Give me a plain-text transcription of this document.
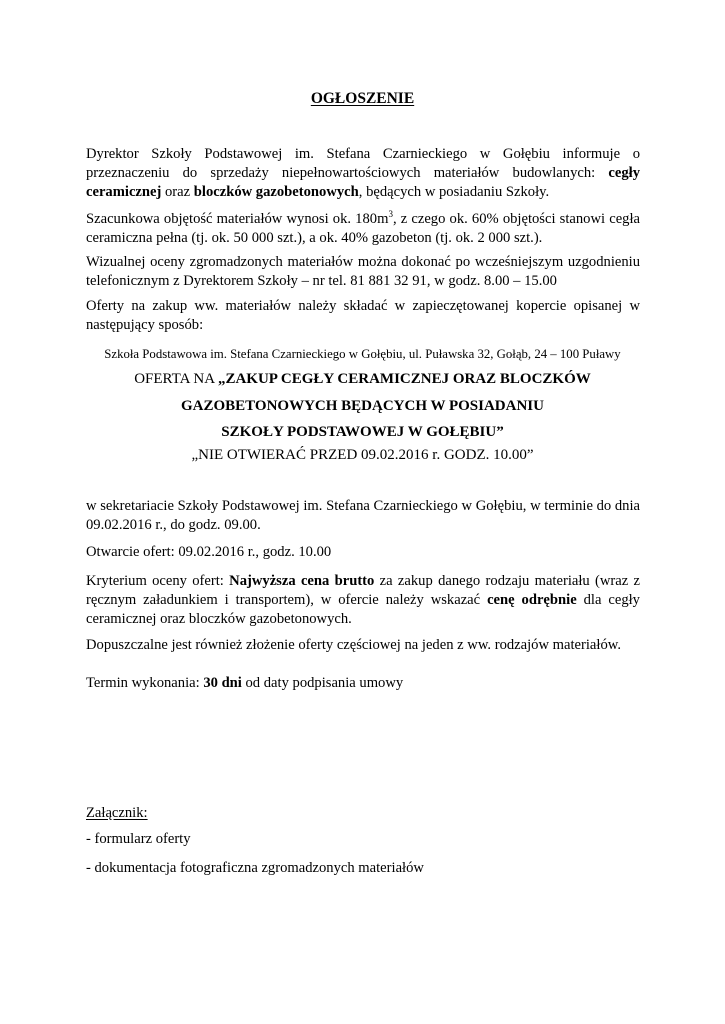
OGŁOSZENIE

Dyrektor Szkoły Podstawowej im. Stefana Czarnieckiego w Gołębiu informuje o przeznaczeniu do sprzedaży niepełnowartościowych materiałów budowlanych: cegły ceramicznej oraz bloczków gazobetonowych, będących w posiadaniu Szkoły.

Szacunkowa objętość materiałów wynosi ok. $180m^3$, z czego ok. 60% objętości stanowi cegła ceramiczna pełna (tj. ok. 50 000 szt.), a ok. 40% gazobeton (tj. ok. 2 000 szt.).

Wizualnej oceny zgromadzonych materiałów można dokonać po wcześniejszym uzgodnieniu telefonicznym z Dyrektorem Szkoły – nr tel. 81 881 32 91, w godz. 8.00 – 15.00

Oferty na zakup ww. materiałów należy składać w zapieczętowanej kopercie opisanej w następujący sposób:

Szkoła Podstawowa im. Stefana Czarnieckiego w Gołębiu, ul. Puławska 32, Gołąb, 24 – 100 Puławy

OFERTA NA „ZAKUP CEGŁY CERAMICZNEJ ORAZ BLOCZKÓW

GAZOBETONOWYCH BĘDĄCYCH W POSIADANIU

SZKOŁY PODSTAWOWEJ W GOŁĘBIU”

„NIE OTWIERAĆ PRZED 09.02.2016 r. GODZ. 10.00”

w sekretariacie Szkoły Podstawowej im. Stefana Czarnieckiego w Gołębiu, w terminie do dnia 09.02.2016 r., do godz. 09.00.

Otwarcie ofert: 09.02.2016 r., godz. 10.00

Kryterium oceny ofert: Najwyższa cena brutto za zakup danego rodzaju materiału (wraz z ręcznym załadunkiem i transportem), w ofercie należy wskazać cenę odrębnie dla cegły ceramicznej oraz bloczków gazobetonowych.

Dopuszczalne jest również złożenie oferty częściowej na jeden z ww. rodzajów materiałów.

Termin wykonania: 30 dni od daty podpisania umowy

Załącznik:

- formularz oferty

- dokumentacja fotograficzna zgromadzonych materiałów
